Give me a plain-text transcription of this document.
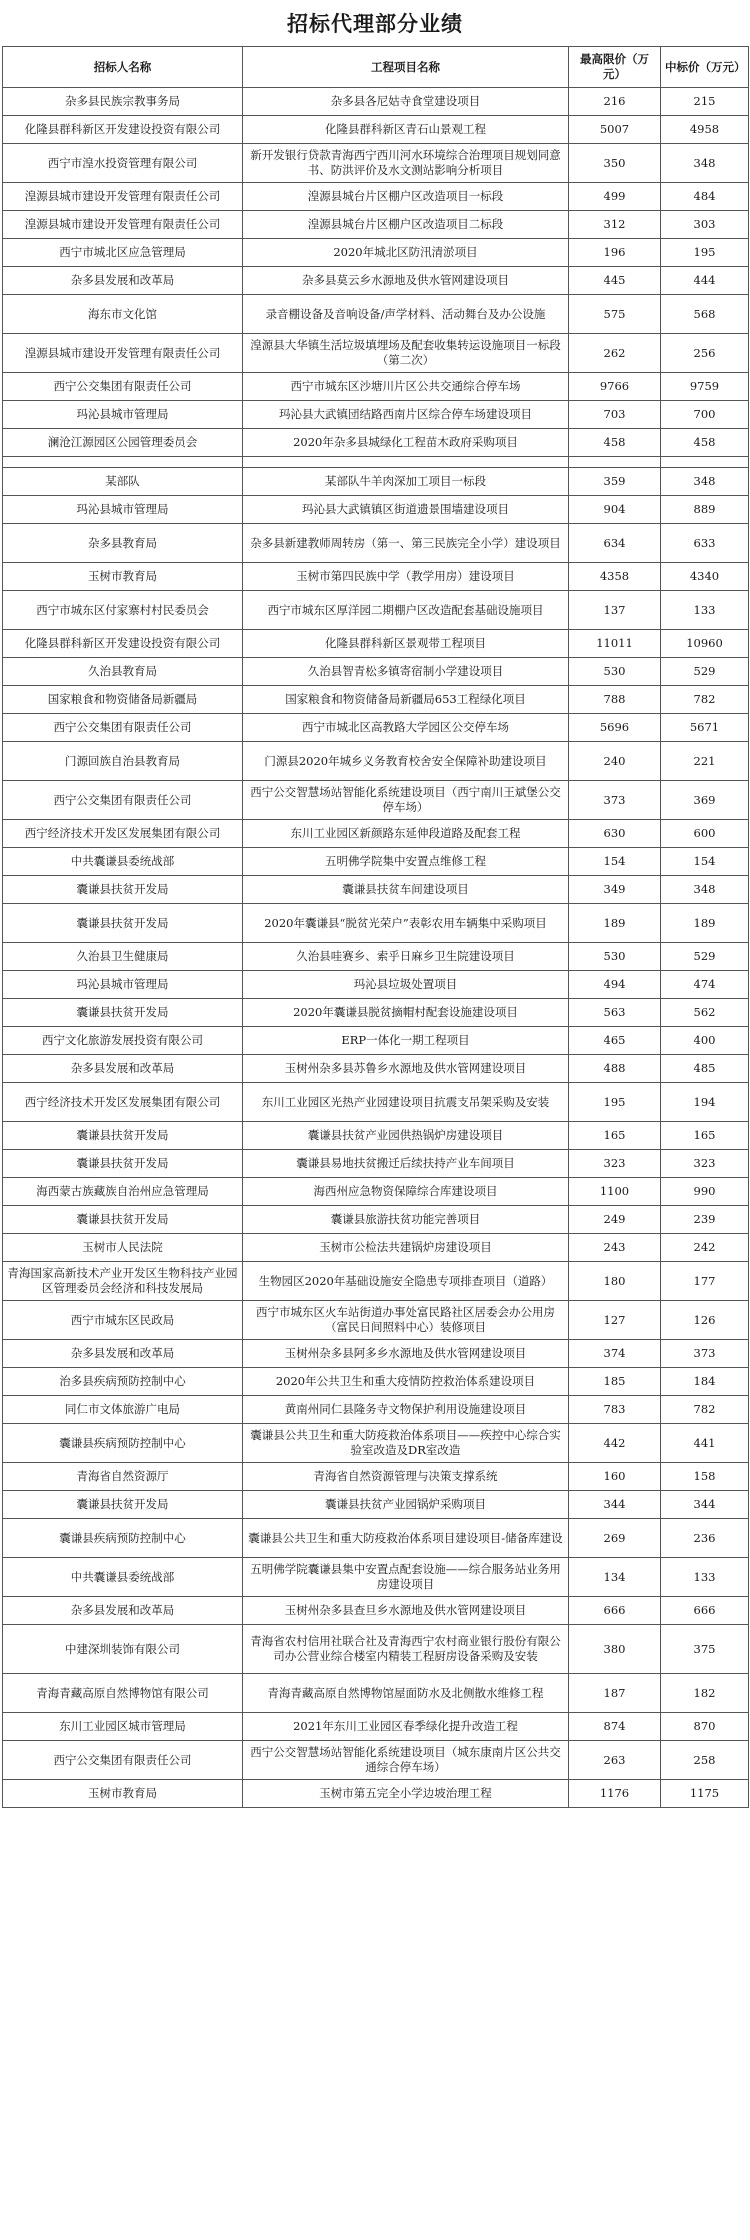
招标代理部分业绩
招标人名称	工程项目名称	最高限价（万元）	中标价（万元）
杂多县民族宗教事务局	杂多县各尼姑寺食堂建设项目	216	215
化隆县群科新区开发建设投资有限公司	化隆县群科新区青石山景观工程	5007	4958
西宁市湟水投资管理有限公司	新开发银行贷款青海西宁西川河水环境综合治理项目规划同意书、防洪评价及水文测站影响分析项目	350	348
湟源县城市建设开发管理有限责任公司	湟源县城台片区棚户区改造项目一标段	499	484
湟源县城市建设开发管理有限责任公司	湟源县城台片区棚户区改造项目二标段	312	303
西宁市城北区应急管理局	2020年城北区防汛清淤项目	196	195
杂多县发展和改革局	杂多县莫云乡水源地及供水管网建设项目	445	444
海东市文化馆	录音棚设备及音响设备/声学材料、活动舞台及办公设施	575	568
湟源县城市建设开发管理有限责任公司	湟源县大华镇生活垃圾填埋场及配套收集转运设施项目一标段（第二次）	262	256
西宁公交集团有限责任公司	西宁市城东区沙塘川片区公共交通综合停车场	9766	9759
玛沁县城市管理局	玛沁县大武镇団结路西南片区综合停车场建设项目	703	700
澜沧江源园区公园管理委员会	2020年杂多县城绿化工程苗木政府采购项目	458	458

某部队	某部队牛羊肉深加工项目一标段	359	348
玛沁县城市管理局	玛沁县大武镇镇区街道遗景围墙建设项目	904	889
杂多县教育局	杂多县新建教师周转房（第一、第三民族完全小学）建设项目	634	633
玉树市教育局	玉树市第四民族中学（教学用房）建设项目	4358	4340
西宁市城东区付家寨村村民委员会	西宁市城东区厚洋园二期棚户区改造配套基础设施项目	137	133
化隆县群科新区开发建设投资有限公司	化隆县群科新区景观带工程项目	11011	10960
久治县教育局	久治县智青松多镇寄宿制小学建设项目	530	529
国家粮食和物资储备局新疆局	国家粮食和物资储备局新疆局653工程绿化项目	788	782
西宁公交集团有限责任公司	西宁市城北区高教路大学园区公交停车场	5696	5671
门源回族自治县教育局	门源县2020年城乡义务教育校舍安全保障补助建设项目	240	221
西宁公交集团有限责任公司	西宁公交智慧场站智能化系统建设项目（西宁南川王斌堡公交停车场）	373	369
西宁经济技术开发区发展集团有限公司	东川工业园区新颜路东延伸段道路及配套工程	630	600
中共囊谦县委统战部	五明佛学院集中安置点维修工程	154	154
囊谦县扶贫开发局	囊谦县扶贫车间建设项目	349	348
囊谦县扶贫开发局	2020年囊谦县“脱贫光荣户”表彰农用车辆集中采购项目	189	189
久治县卫生健康局	久治县哇赛乡、索乎日麻乡卫生院建设项目	530	529
玛沁县城市管理局	玛沁县垃圾处置项目	494	474
囊谦县扶贫开发局	2020年囊谦县脱贫摘帽村配套设施建设项目	563	562
西宁文化旅游发展投资有限公司	ERP一体化一期工程项目	465	400
杂多县发展和改革局	玉树州杂多县苏鲁乡水源地及供水管网建设项目	488	485
西宁经济技术开发区发展集团有限公司	东川工业园区光热产业园建设项目抗震支吊架采购及安装	195	194
囊谦县扶贫开发局	囊谦县扶贫产业园供热锅炉房建设项目	165	165
囊谦县扶贫开发局	囊谦县易地扶贫搬迁后续扶持产业车间项目	323	323
海西蒙古族藏族自治州应急管理局	海西州应急物资保障综合库建设项目	1100	990
囊谦县扶贫开发局	囊谦县旅游扶贫功能完善项目	249	239
玉树市人民法院	玉树市公检法共建锅炉房建设项目	243	242
青海国家高新技术产业开发区生物科技产业园区管理委员会经济和科技发展局	生物园区2020年基础设施安全隐患专项排查项目（道路）	180	177
西宁市城东区民政局	西宁市城东区火车站街道办事处富民路社区居委会办公用房（富民日间照料中心）装修项目	127	126
杂多县发展和改革局	玉树州杂多县阿多乡水源地及供水管网建设项目	374	373
治多县疾病预防控制中心	2020年公共卫生和重大疫情防控救治体系建设项目	185	184
同仁市文体旅游广电局	黄南州同仁县隆务寺文物保护利用设施建设项目	783	782
囊谦县疾病预防控制中心	囊谦县公共卫生和重大防疫救治体系项目——疾控中心综合实验室改造及DR室改造	442	441
青海省自然资源厅	青海省自然资源管理与决策支撑系统	160	158
囊谦县扶贫开发局	囊谦县扶贫产业园锅炉采购项目	344	344
囊谦县疾病预防控制中心	囊谦县公共卫生和重大防疫救治体系项目建设项目-储备库建设	269	236
中共囊谦县委统战部	五明佛学院囊谦县集中安置点配套设施——综合服务站业务用房建设项目	134	133
杂多县发展和改革局	玉树州杂多县查旦乡水源地及供水管网建设项目	666	666
中建深圳装饰有限公司	青海省农村信用社联合社及青海西宁农村商业银行股份有限公司办公营业综合楼室内精装工程厨房设备采购及安装	380	375
青海青藏高原自然博物馆有限公司	青海青藏高原自然博物馆屋面防水及北侧散水维修工程	187	182
东川工业园区城市管理局	2021年东川工业园区春季绿化提升改造工程	874	870
西宁公交集团有限责任公司	西宁公交智慧场站智能化系统建设项目（城东康南片区公共交通综合停车场）	263	258
玉树市教育局	玉树市第五完全小学边坡治理工程	1176	1175
